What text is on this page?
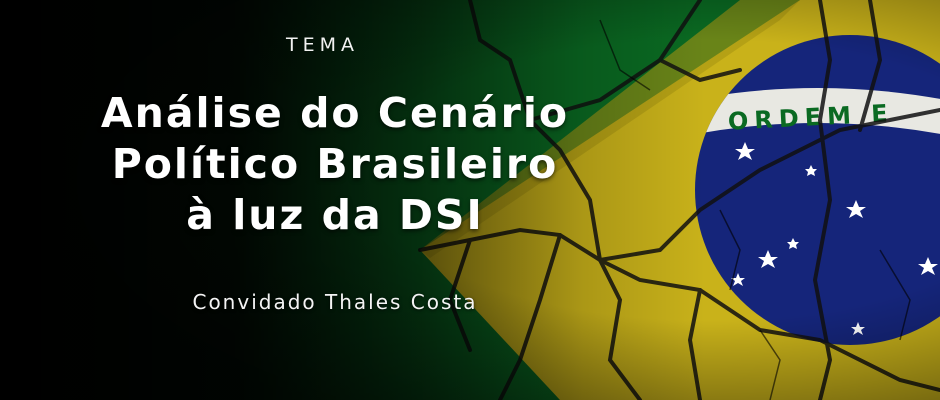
TEMA
Análise do Cenário
Político Brasileiro
à luz da DSI
Convidado Thales Costa
